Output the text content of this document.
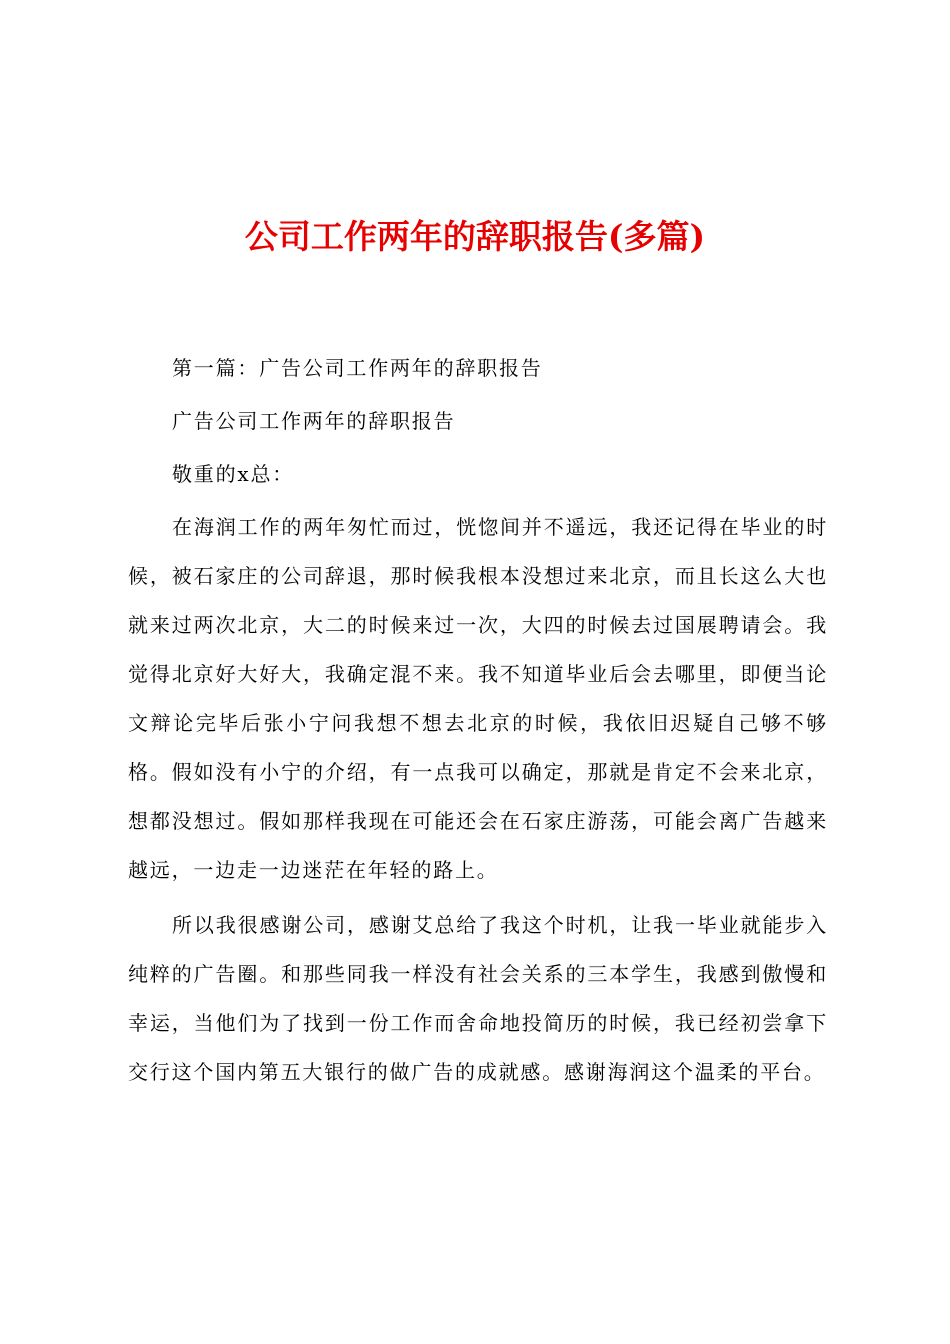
公司工作两年的辞职报告(多篇)

第一篇：广告公司工作两年的辞职报告

广告公司工作两年的辞职报告

敬重的x总：

在海润工作的两年匆忙而过，恍惚间并不遥远，我还记得在毕业的时候，被石家庄的公司辞退，那时候我根本没想过来北京，而且长这么大也就来过两次北京，大二的时候来过一次，大四的时候去过国展聘请会。我觉得北京好大好大，我确定混不来。我不知道毕业后会去哪里，即便当论文辩论完毕后张小宁问我想不想去北京的时候，我依旧迟疑自己够不够格。假如没有小宁的介绍，有一点我可以确定，那就是肯定不会来北京，想都没想过。假如那样我现在可能还会在石家庄游荡，可能会离广告越来越远，一边走一边迷茫在年轻的路上。

所以我很感谢公司，感谢艾总给了我这个时机，让我一毕业就能步入纯粹的广告圈。和那些同我一样没有社会关系的三本学生，我感到傲慢和幸运，当他们为了找到一份工作而舍命地投简历的时候，我已经初尝拿下交行这个国内第五大银行的做广告的成就感。感谢海润这个温柔的平台。
